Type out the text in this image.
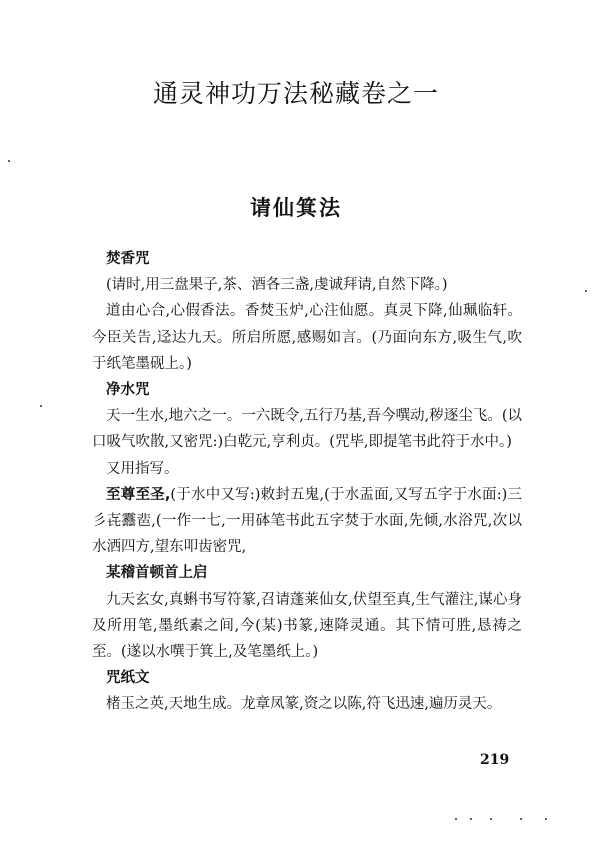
通灵神功万法秘藏卷之一
请仙箕法
焚香咒
(请时,用三盘果子,茶、酒各三盏,虔诚拜请,自然下降。)
道由心合,心假香法。香焚玉炉,心注仙愿。真灵下降,仙珮临轩。今臣关告,迳达九天。所启所愿,感赐如言。(乃面向东方,吸生气,吹于纸笔墨砚上。)
净水咒
天一生水,地六之一。一六既令,五行乃基,吾今噀动,秽逐尘飞。(以口吸气吹散,又密咒:)白乾元,亨利贞。(咒毕,即提笔书此符于水中。)
又用指写。
至尊至圣,(于水中又写:)敕封五鬼,(于水盂面,又写五字于水面:)三彡㐂䨺𩇯,(一作一七,一用砵笔书此五字焚于水面,先倾,水浴咒,次以水洒四方,望东叩齿密咒,
某稽首顿首上启
九天玄女,真蝌书写符篆,召请蓬莱仙女,伏望至真,生气灌注,谋心身及所用笔,墨纸素之间,今(某)书篆,速降灵通。其下情可胜,恳祷之至。(遂以水噀于箕上,及笔墨纸上。)
咒纸文
楮玉之英,天地生成。龙章凤篆,资之以陈,符飞迅速,遍历灵天。
219
